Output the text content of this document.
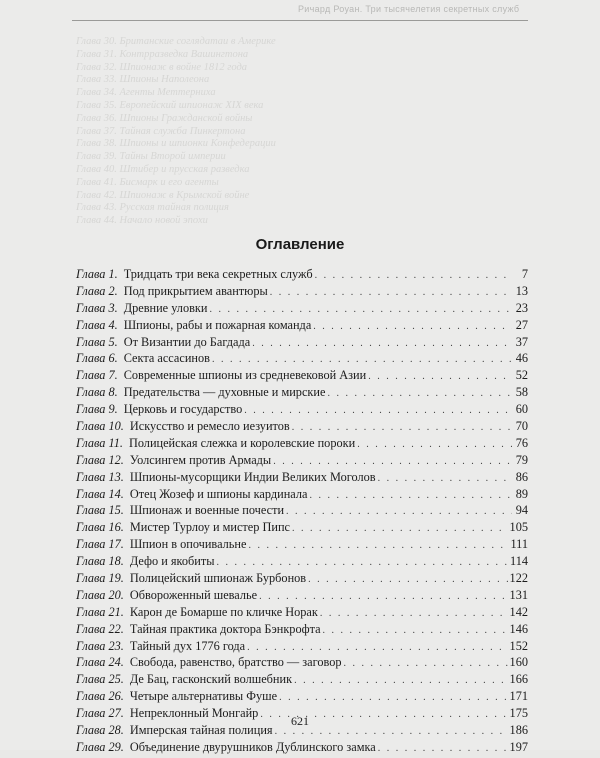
Ричард Роуан. Три тысячелетия секретных служб
Глава 30. Британские соглядатаи в Америке
Глава 31. Контрразведка Вашингтона
Глава 32. Шпионаж в войне 1812 года
Глава 33. Шпионы Наполеона
Глава 34. Агенты Меттерниха
Глава 35. Европейский шпионаж XIX века
Глава 36. Шпионы Гражданской войны
Глава 37. Тайная служба Пинкертона
Глава 38. Шпионы и шпионки Конфедерации
Глава 39. Тайны Второй империи
Глава 40. Штибер и прусская разведка
Глава 41. Бисмарк и его агенты
Глава 42. Шпионаж в Крымской войне
Глава 43. Русская тайная полиция
Глава 44. Начало новой эпохи
Оглавление
Глава 1. Тридцать три века секретных служб . . .	7
Глава 2. Под прикрытием авантюры . . .	13
Глава 3. Древние уловки . . .	23
Глава 4. Шпионы, рабы и пожарная команда . . .	27
Глава 5. От Византии до Багдада . . .	37
Глава 6. Секта ассасинов . . .	46
Глава 7. Современные шпионы из средневековой Азии . . .	52
Глава 8. Предательства — духовные и мирские . . .	58
Глава 9. Церковь и государство . . .	60
Глава 10. Искусство и ремесло иезуитов . . .	70
Глава 11. Полицейская слежка и королевские пороки . . .	76
Глава 12. Уолсингем против Армады . . .	79
Глава 13. Шпионы-мусорщики Индии Великих Моголов . . .	86
Глава 14. Отец Жозеф и шпионы кардинала . . .	89
Глава 15. Шпионаж и военные почести . . .	94
Глава 16. Мистер Турлоу и мистер Пипс . . .	105
Глава 17. Шпион в опочивальне . . .	111
Глава 18. Дефо и якобиты . . .	114
Глава 19. Полицейский шпионаж Бурбонов . . .	122
Глава 20. Обвороженный шевалье . . .	131
Глава 21. Карон де Бомарше по кличке Норак . . .	142
Глава 22. Тайная практика доктора Бэнкрофта . . .	146
Глава 23. Тайный дух 1776 года . . .	152
Глава 24. Свобода, равенство, братство — заговор . . .	160
Глава 25. Де Бац, гасконский волшебник . . .	166
Глава 26. Четыре альтернативы Фуше . . .	171
Глава 27. Непреклонный Монгайр . . .	175
Глава 28. Имперская тайная полиция . . .	186
Глава 29. Объединение двурушников Дублинского замка . . .	197
621
